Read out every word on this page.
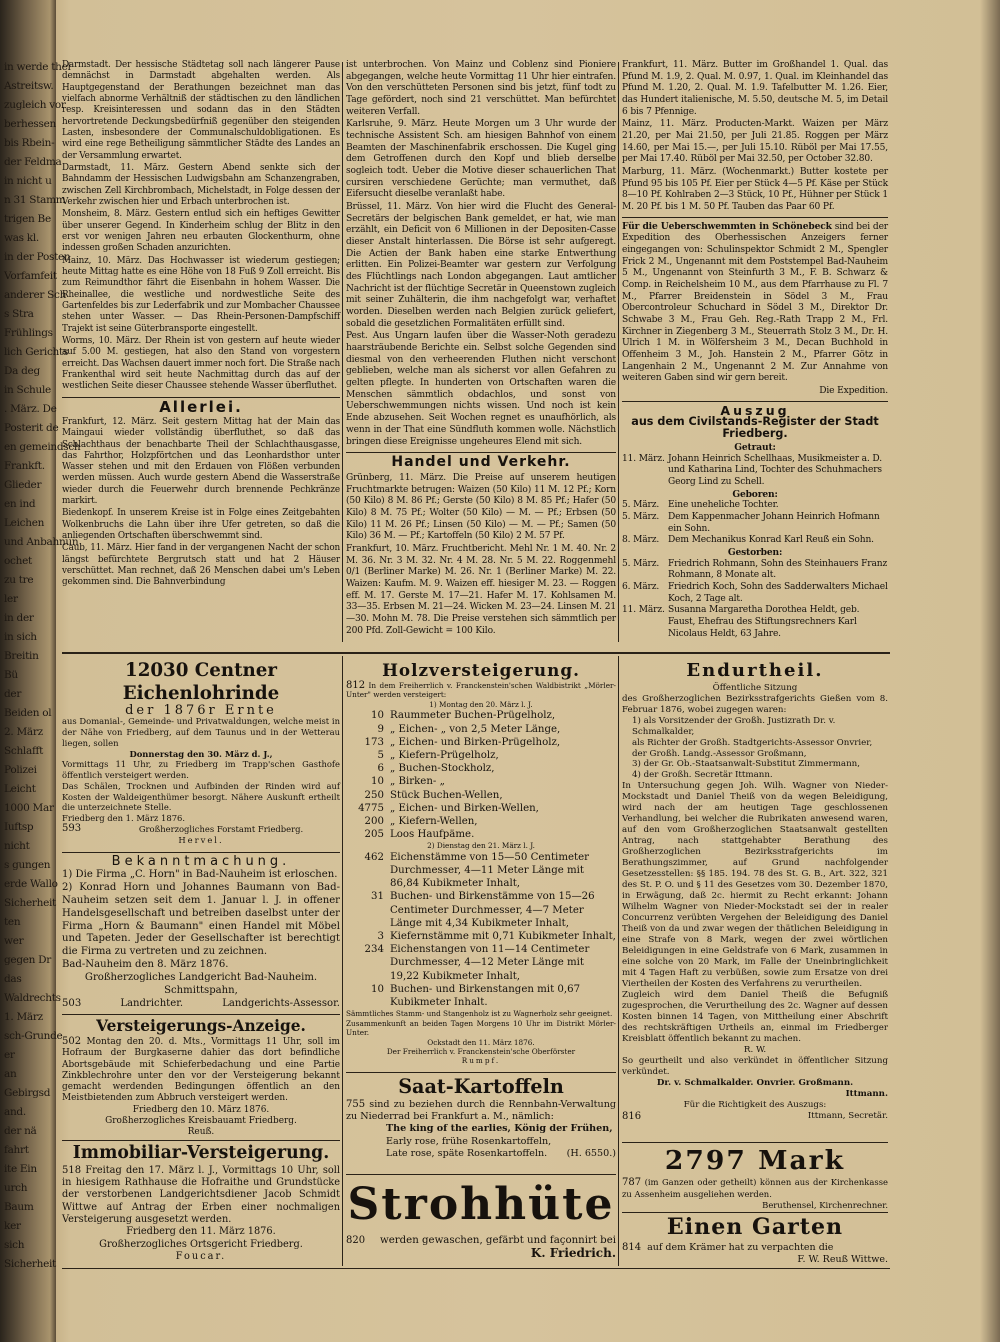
in werde thei
Astreitsw.
zugleich vor
berhessen
bis Rbein-
der Feldma
in nicht u
n 31 Stamm
trigen Be
was kl.
in der Posten
Vorfamfeit
anderer Sch
s Stra
Frühlings
lich Gerichts
Da deg
in Schule
. März. De
Posterit de
en gemeindsch
Frankft.
Glieder
en ind
Leichen
und Anbahnun
ochet
zu tre
ler
in der
in sich
Breitin
Bü
der
Beiden ol
2. März
Schlafft
Polizei
Leicht
1000 Mar
Iuftsp
nicht
s gungen
erde Wallo
Sicherheit
ten
wer
gegen Dr
das
Waldrechts
1. März
sch-Grunde
er
an
Gebirgsd
and.
der nä
fahrt
ite Ein
urch
Baum
ker
sich
Sicherheit

Darmstadt. Der hessische Städtetag soll nach längerer Pause demnächst in Darmstadt abgehalten werden. Als Hauptgegenstand der Berathungen bezeichnet man das vielfach abnorme Verhältniß der städtischen zu den ländlichen resp. Kreisinteressen und sodann das in den Städten hervortretende Deckungsbedürfniß gegenüber den steigenden Lasten, insbesondere der Communalschuldobligationen. Es wird eine rege Betheiligung sämmtlicher Städte des Landes an der Versammlung erwartet.

Darmstadt, 11. März. Gestern Abend senkte sich der Bahndamm der Hessischen Ludwigsbahn am Schanzengraben, zwischen Zell Kirchbrombach, Michelstadt, in Folge dessen der Verkehr zwischen hier und Erbach unterbrochen ist.

Monsheim, 8. März. Gestern entlud sich ein heftiges Gewitter über unserer Gegend. In Kinderheim schlug der Blitz in den erst vor wenigen Jahren neu erbauten Glockenthurm, ohne indessen großen Schaden anzurichten.

Mainz, 10. März. Das Hochwasser ist wiederum gestiegen; heute Mittag hatte es eine Höhe von 18 Fuß 9 Zoll erreicht. Bis zum Reimundthor fährt die Eisenbahn in hohem Wasser. Die Rheinallee, die westliche und nordwestliche Seite des Gartenfeldes bis zur Lederfabrik und zur Mombacher Chaussee stehen unter Wasser. — Das Rhein-Personen-Dampfschiff Trajekt ist seine Güterbransporte eingestellt.

Worms, 10. März. Der Rhein ist von gestern auf heute wieder auf 5.00 M. gestiegen, hat also den Stand von vorgestern erreicht. Das Wachsen dauert immer noch fort. Die Straße nach Frankenthal wird seit heute Nachmittag durch das auf der westlichen Seite dieser Chaussee stehende Wasser überfluthet.

Allerlei.

Frankfurt, 12. März. Seit gestern Mittag hat der Main das Maingaui wieder vollständig überfluthet, so daß das Schlachthaus der benachbarte Theil der Schlachthausgasse, das Fahrthor, Holzpförtchen und das Leonhardsthor unter Wasser stehen und mit den Erdauen von Flößen verbunden werden müssen. Auch wurde gestern Abend die Wasserstraße wieder durch die Feuerwehr durch brennende Pechkränze markirt.

Biedenkopf. In unserem Kreise ist in Folge eines Zeitgebahten Wolkenbruchs die Lahn über ihre Ufer getreten, so daß die anliegenden Ortschaften überschwemmt sind.

Caub, 11. März. Hier fand in der vergangenen Nacht der schon längst befürchtete Bergrutsch statt und hat 2 Häuser verschüttet. Man rechnet, daß 26 Menschen dabei um's Leben gekommen sind. Die Bahnverbindung

ist unterbrochen. Von Mainz und Coblenz sind Pioniere abgegangen, welche heute Vormittag 11 Uhr hier eintrafen. Von den verschütteten Personen sind bis jetzt, fünf todt zu Tage gefördert, noch sind 21 verschüttet. Man befürchtet weiteren Verfall.

Karlsruhe, 9. März. Heute Morgen um 3 Uhr wurde der technische Assistent Sch. am hiesigen Bahnhof von einem Beamten der Maschinenfabrik erschossen. Die Kugel ging dem Getroffenen durch den Kopf und blieb derselbe sogleich todt. Ueber die Motive dieser schauerlichen That cursiren verschiedene Gerüchte; man vermuthet, daß Eifersucht dieselbe veranlaßt habe.

Brüssel, 11. März. Von hier wird die Flucht des General-Secretärs der belgischen Bank gemeldet, er hat, wie man erzählt, ein Deficit von 6 Millionen in der Depositen-Casse dieser Anstalt hinterlassen. Die Börse ist sehr aufgeregt. Die Actien der Bank haben eine starke Entwerthung erlitten. Ein Polizei-Beamter war gestern zur Verfolgung des Flüchtlings nach London abgegangen. Laut amtlicher Nachricht ist der flüchtige Secretär in Queenstown zugleich mit seiner Zuhälterin, die ihm nachgefolgt war, verhaftet worden. Dieselben werden nach Belgien zurück geliefert, sobald die gesetzlichen Formalitäten erfüllt sind.

Pest. Aus Ungarn laufen über die Wasser-Noth geradezu haarsträubende Berichte ein. Selbst solche Gegenden sind diesmal von den verheerenden Fluthen nicht verschont geblieben, welche man als sicherst vor allen Gefahren zu gelten pflegte. In hunderten von Ortschaften waren die Menschen sämmtlich obdachlos, und sonst von Ueberschwemmungen nichts wissen. Und noch ist kein Ende abzusehen. Seit Wochen regnet es unaufhörlich, als wenn in der That eine Sündfluth kommen wolle. Nächstlich bringen diese Ereignisse ungeheures Elend mit sich.

Handel und Verkehr.

Grünberg, 11. März. Die Preise auf unserem heutigen Fruchtmarkte betrugen: Waizen (50 Kilo) 11 M. 12 Pf.; Korn (50 Kilo) 8 M. 86 Pf.; Gerste (50 Kilo) 8 M. 85 Pf.; Hafer (50 Kilo) 8 M. 75 Pf.; Wolter (50 Kilo) — M. — Pf.; Erbsen (50 Kilo) 11 M. 26 Pf.; Linsen (50 Kilo) — M. — Pf.; Samen (50 Kilo) 36 M. — Pf.; Kartoffeln (50 Kilo) 2 M. 57 Pf.

Frankfurt, 10. März. Fruchtbericht. Mehl Nr. 1 M. 40. Nr. 2 M. 36. Nr. 3 M. 32. Nr. 4 M. 28. Nr. 5 M. 22. Roggenmehl 0/1 (Berliner Marke) M. 26. Nr. 1 (Berliner Marke) M. 22. Waizen: Kaufm. M. 9. Waizen eff. hiesiger M. 23. — Roggen eff. M. 17. Gerste M. 17—21. Hafer M. 17. Kohlsamen M. 33—35. Erbsen M. 21—24. Wicken M. 23—24. Linsen M. 21—30. Mohn M. 78. Die Preise verstehen sich sämmtlich per 200 Pfd. Zoll-Gewicht = 100 Kilo.

Frankfurt, 11. März. Butter im Großhandel 1. Qual. das Pfund M. 1.9, 2. Qual. M. 0.97, 1. Qual. im Kleinhandel das Pfund M. 1.20, 2. Qual. M. 1.9. Tafelbutter M. 1.26. Eier, das Hundert italienische, M. 5.50, deutsche M. 5, im Detail 6 bis 7 Pfennige.

Mainz, 11. März. Producten-Markt. Waizen per März 21.20, per Mai 21.50, per Juli 21.85. Roggen per März 14.60, per Mai 15.—, per Juli 15.10. Rüböl per Mai 17.55, per Mai 17.40. Rüböl per Mai 32.50, per October 32.80.

Marburg, 11. März. (Wochenmarkt.) Butter kostete per Pfund 95 bis 105 Pf. Eier per Stück 4—5 Pf. Käse per Stück 8—10 Pf. Kohlraben 2—3 Stück, 10 Pf., Hühner per Stück 1 M. 20 Pf. bis 1 M. 50 Pf. Tauben das Paar 60 Pf.

Für die Ueberschwemmten in Schönebeck sind bei der Expedition des Oberhessischen Anzeigers ferner eingegangen von: Schulinspektor Schmidt 2 M., Spengler Frick 2 M., Ungenannt mit dem Poststempel Bad-Nauheim 5 M., Ungenannt von Steinfurth 3 M., F. B. Schwarz & Comp. in Reichelsheim 10 M., aus dem Pfarrhause zu Fl. 7 M., Pfarrer Breidenstein in Södel 3 M., Frau Obercontroleur Schuchard in Södel 3 M., Direktor Dr. Schwabe 3 M., Frau Geh. Reg.-Rath Trapp 2 M., Frl. Kirchner in Ziegenberg 3 M., Steuerrath Stolz 3 M., Dr. H. Ulrich 1 M. in Wölfersheim 3 M., Decan Buchhold in Offenheim 3 M., Joh. Hanstein 2 M., Pfarrer Götz in Langenhain 2 M., Ungenannt 2 M. Zur Annahme von weiteren Gaben sind wir gern bereit.

Die Expedition.
Auszug
aus dem Civilstands-Register der Stadt Friedberg.
Getraut:
11. März. Johann Heinrich Schellhaas, Musikmeister a. D. und Katharina Lind, Tochter des Schuhmachers Georg Lind zu Schell.
Geboren:
5. März. Eine uneheliche Tochter.
5. März. Dem Kappenmacher Johann Heinrich Hofmann ein Sohn.
8. März. Dem Mechanikus Konrad Karl Reuß ein Sohn.
Gestorben:
5. März. Friedrich Rohmann, Sohn des Steinhauers Franz Rohmann, 8 Monate alt.
6. März. Friedrich Koch, Sohn des Sadderwalters Michael Koch, 2 Tage alt.
11. März. Susanna Margaretha Dorothea Heldt, geb. Faust, Ehefrau des Stiftungsrechners Karl Nicolaus Heldt, 63 Jahre.
12030 Centner Eichenlohrinde
der 1876r Ernte

aus Domanial-, Gemeinde- und Privatwaldungen, welche meist in der Nähe von Friedberg, auf dem Taunus und in der Wetterau liegen, sollen

Donnerstag den 30. März d. J.,

Vormittags 11 Uhr, zu Friedberg im Trapp'schen Gasthofe öffentlich versteigert werden.

Das Schälen, Trocknen und Aufbinden der Rinden wird auf Kosten der Waldeigenthümer besorgt. Nähere Auskunft ertheilt die unterzeichnete Stelle.

Friedberg den 1. März 1876.
593	Großherzogliches Forstamt Friedberg.
Hervel.
Bekanntmachung.

1) Die Firma „C. Horn" in Bad-Nauheim ist erloschen.

2) Konrad Horn und Johannes Baumann von Bad-Nauheim setzen seit dem 1. Januar l. J. in offener Handelsgesellschaft und betreiben daselbst unter der Firma „Horn & Baumann" einen Handel mit Möbel und Tapeten. Jeder der Gesellschafter ist berechtigt die Firma zu vertreten und zu zeichnen.

Bad-Nauheim den 8. März 1876.
Großherzogliches Landgericht Bad-Nauheim.
Schmittspahn,
503	Landrichter.	Landgerichts-Assessor.
Versteigerungs-Anzeige.

502 Montag den 20. d. Mts., Vormittags 11 Uhr, soll im Hofraum der Burgkaserne dahier das dort befindliche Abortsgebäude mit Schieferbedachung und eine Partie Zinkblechrohre unter den vor der Versteigerung bekannt gemacht werdenden Bedingungen öffentlich an den Meistbietenden zum Abbruch versteigert werden.

Friedberg den 10. März 1876.
Großherzogliches Kreisbauamt Friedberg.
Reuß.
Immobiliar-Versteigerung.

518 Freitag den 17. März l. J., Vormittags 10 Uhr, soll in hiesigem Rathhause die Hofraithe und Grundstücke der verstorbenen Landgerichtsdiener Jacob Schmidt Wittwe auf Antrag der Erben einer nochmaligen Versteigerung ausgesetzt werden.

Friedberg den 11. März 1876.
Großherzogliches Ortsgericht Friedberg.
Foucar.
Holzversteigerung.

812 In dem Freiherrlich v. Franckenstein'schen Waldbistrikt „Mörler-Unter" werden versteigert:

1) Montag den 20. März l. J.
10 Raummeter Buchen-Prügelholz,
9 „ Eichen- „ von 2,5 Meter Länge,
173 „ Eichen- und Birken-Prügelholz,
5 „ Kiefern-Prügelholz,
6 „ Buchen-Stockholz,
10 „ Birken- „
250 Stück Buchen-Wellen,
4775 „ Eichen- und Birken-Wellen,
200 „ Kiefern-Wellen,
205 Loos Haufpäme.
2) Dienstag den 21. März l. J.
462 Eichenstämme von 15—50 Centimeter Durchmesser, 4—11 Meter Länge mit 86,84 Kubikmeter Inhalt,
31 Buchen- und Birkenstämme von 15—26 Centimeter Durchmesser, 4—7 Meter Länge mit 4,34 Kubikmeter Inhalt,
3 Kiefernstämme mit 0,71 Kubikmeter Inhalt,
234 Eichenstangen von 11—14 Centimeter Durchmesser, 4—12 Meter Länge mit 19,22 Kubikmeter Inhalt,
10 Buchen- und Birkenstangen mit 0,67 Kubikmeter Inhalt.

Sämmtliches Stamm- und Stangenholz ist zu Wagnerholz sehr geeignet.

Zusammenkunft an beiden Tagen Morgens 10 Uhr im Distrikt Mörler-Unter.

Ockstadt den 11. März 1876.
Der Freiherrlich v. Franckenstein'sche Oberförster
Rumpf.
Saat-Kartoffeln

755 sind zu beziehen durch die Rennbahn-Verwaltung zu Niederrad bei Frankfurt a. M., nämlich:

The king of the earlies, König der Frühen,
Early rose, frühe Rosenkartoffeln,
Late rose, späte Rosenkartoffeln. (H. 6550.)
Strohhüte
820 werden gewaschen, gefärbt und façonnirt bei
K. Friedrich.
Endurtheil.
Öffentliche Sitzung

des Großherzoglichen Bezirksstrafgerichts Gießen vom 8. Februar 1876, wobei zugegen waren:

1) als Vorsitzender der Großh. Justizrath Dr. v. Schmalkalder,
als Richter der Großh. Stadtgerichts-Assessor Onvrier, der Großh. Landg.-Assessor Großmann,
3) der Gr. Ob.-Staatsanwalt-Substitut Zimmermann,
4) der Großh. Secretär Ittmann.

In Untersuchung gegen Joh. Wilh. Wagner von Nieder-Mockstadt und Daniel Theiß von da wegen Beleidigung, wird nach der am heutigen Tage geschlossenen Verhandlung, bei welcher die Rubrikaten anwesend waren, auf den vom Großherzoglichen Staatsanwalt gestellten Antrag, nach stattgehabter Berathung des Großherzoglichen Bezirksstrafgerichts im Berathungszimmer, auf Grund nachfolgender Gesetzesstellen: §§ 185. 194. 78 des St. G. B., Art. 322, 321 des St. P. O. und § 11 des Gesetzes vom 30. Dezember 1870, in Erwägung, daß 2c. hiermit zu Recht erkannt: Johann Wilhelm Wagner von Nieder-Mockstadt sei der in realer Concurrenz verübten Vergehen der Beleidigung des Daniel Theiß von da und zwar wegen der thätlichen Beleidigung in eine Strafe von 8 Mark, wegen der zwei wörtlichen Beleidigungen in eine Geldstrafe von 6 Mark, zusammen in eine solche von 20 Mark, im Falle der Uneinbringlichkeit mit 4 Tagen Haft zu verbüßen, sowie zum Ersatze von drei Viertheilen der Kosten des Verfahrens zu verurtheilen.

Zugleich wird dem Daniel Theiß die Befugniß zugesprochen, die Verurtheilung des 2c. Wagner auf dessen Kosten binnen 14 Tagen, von Mittheilung einer Abschrift des rechtskräftigen Urtheils an, einmal im Friedberger Kreisblatt öffentlich bekannt zu machen.

R. W.

So geurtheilt und also verkündet in öffentlicher Sitzung verkündet.

Dr. v. Schmalkalder. Onvrier. Großmann.
Ittmann.
Für die Richtigkeit des Auszugs:
816	Ittmann, Secretär.
2797 Mark

787 (im Ganzen oder getheilt) können aus der Kirchenkasse zu Assenheim ausgeliehen werden.

Beruthensel, Kirchenrechner.
Einen Garten
814 auf dem Krämer hat zu verpachten die
F. W. Reuß Wittwe.
